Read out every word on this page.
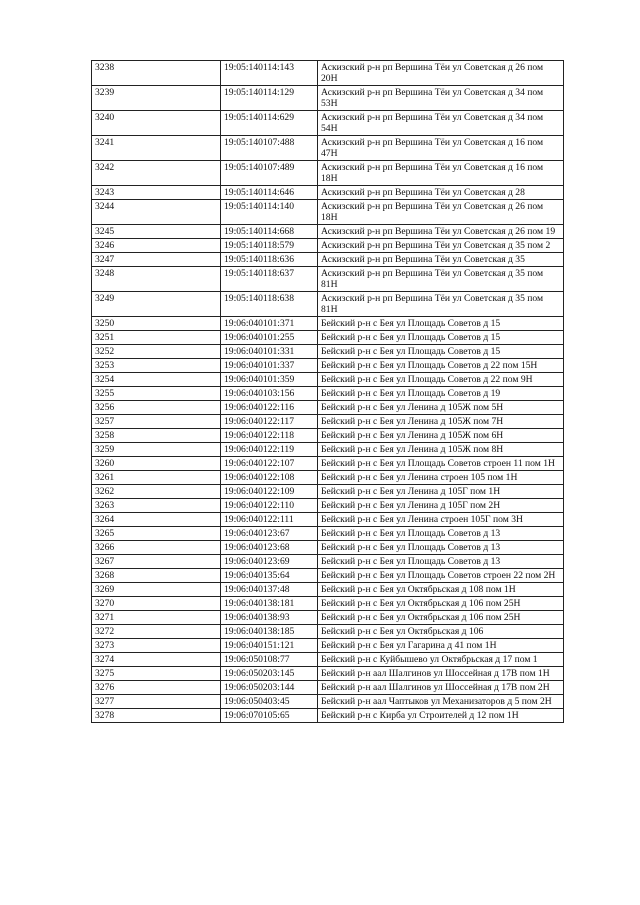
3238	19:05:140114:143	Аскизский р-н рп Вершина Тёи ул Советская д 26 пом 20Н
3239	19:05:140114:129	Аскизский р-н рп Вершина Тёи ул Советская д 34 пом 53Н
3240	19:05:140114:629	Аскизский р-н рп Вершина Тёи ул Советская д 34 пом 54Н
3241	19:05:140107:488	Аскизский р-н рп Вершина Тёи ул Советская д 16 пом 47Н
3242	19:05:140107:489	Аскизский р-н рп Вершина Тёи ул Советская д 16 пом 18Н
3243	19:05:140114:646	Аскизский р-н рп Вершина Тёи ул Советская д 28
3244	19:05:140114:140	Аскизский р-н рп Вершина Тёи ул Советская д 26 пом 18Н
3245	19:05:140114:668	Аскизский р-н рп Вершина Тёи ул Советская д 26 пом 19
3246	19:05:140118:579	Аскизский р-н рп Вершина Тёи ул Советская д 35 пом 2
3247	19:05:140118:636	Аскизский р-н рп Вершина Тёи ул Советская д 35
3248	19:05:140118:637	Аскизский р-н рп Вершина Тёи ул Советская д 35 пом 81Н
3249	19:05:140118:638	Аскизский р-н рп Вершина Тёи ул Советская д 35 пом 81Н
3250	19:06:040101:371	Бейский р-н с Бея ул Площадь Советов д 15
3251	19:06:040101:255	Бейский р-н с Бея ул Площадь Советов д 15
3252	19:06:040101:331	Бейский р-н с Бея ул Площадь Советов д 15
3253	19:06:040101:337	Бейский р-н с Бея ул Площадь Советов д 22 пом 15Н
3254	19:06:040101:359	Бейский р-н с Бея ул Площадь Советов д 22 пом 9Н
3255	19:06:040103:156	Бейский р-н с Бея ул Площадь Советов д 19
3256	19:06:040122:116	Бейский р-н с Бея ул Ленина д 105Ж пом 5Н
3257	19:06:040122:117	Бейский р-н с Бея ул Ленина д 105Ж пом 7Н
3258	19:06:040122:118	Бейский р-н с Бея ул Ленина д 105Ж пом 6Н
3259	19:06:040122:119	Бейский р-н с Бея ул Ленина д 105Ж пом 8Н
3260	19:06:040122:107	Бейский р-н с Бея ул Площадь Советов строен 11 пом 1Н
3261	19:06:040122:108	Бейский р-н с Бея ул Ленина строен 105 пом 1Н
3262	19:06:040122:109	Бейский р-н с Бея ул Ленина д 105Г пом 1Н
3263	19:06:040122:110	Бейский р-н с Бея ул Ленина д 105Г пом 2Н
3264	19:06:040122:111	Бейский р-н с Бея ул Ленина строен 105Г пом 3Н
3265	19:06:040123:67	Бейский р-н с Бея ул Площадь Советов д 13
3266	19:06:040123:68	Бейский р-н с Бея ул Площадь Советов д 13
3267	19:06:040123:69	Бейский р-н с Бея ул Площадь Советов д 13
3268	19:06:040135:64	Бейский р-н с Бея ул Площадь Советов строен 22 пом 2Н
3269	19:06:040137:48	Бейский р-н с Бея ул Октябрьская д 108 пом 1Н
3270	19:06:040138:181	Бейский р-н с Бея ул Октябрьская д 106 пом 25Н
3271	19:06:040138:93	Бейский р-н с Бея ул Октябрьская д 106 пом 25Н
3272	19:06:040138:185	Бейский р-н с Бея ул Октябрьская д 106
3273	19:06:040151:121	Бейский р-н с Бея ул Гагарина д 41 пом 1Н
3274	19:06:050108:77	Бейский р-н с Куйбышево ул Октябрьская д 17 пом 1
3275	19:06:050203:145	Бейский р-н аал Шалгинов ул Шоссейная д 17В пом 1Н
3276	19:06:050203:144	Бейский р-н аал Шалгинов ул Шоссейная д 17В пом 2Н
3277	19:06:050403:45	Бейский р-н аал Чаптыков ул Механизаторов д 5 пом 2Н
3278	19:06:070105:65	Бейский р-н с Кирба ул Строителей д 12 пом 1Н
